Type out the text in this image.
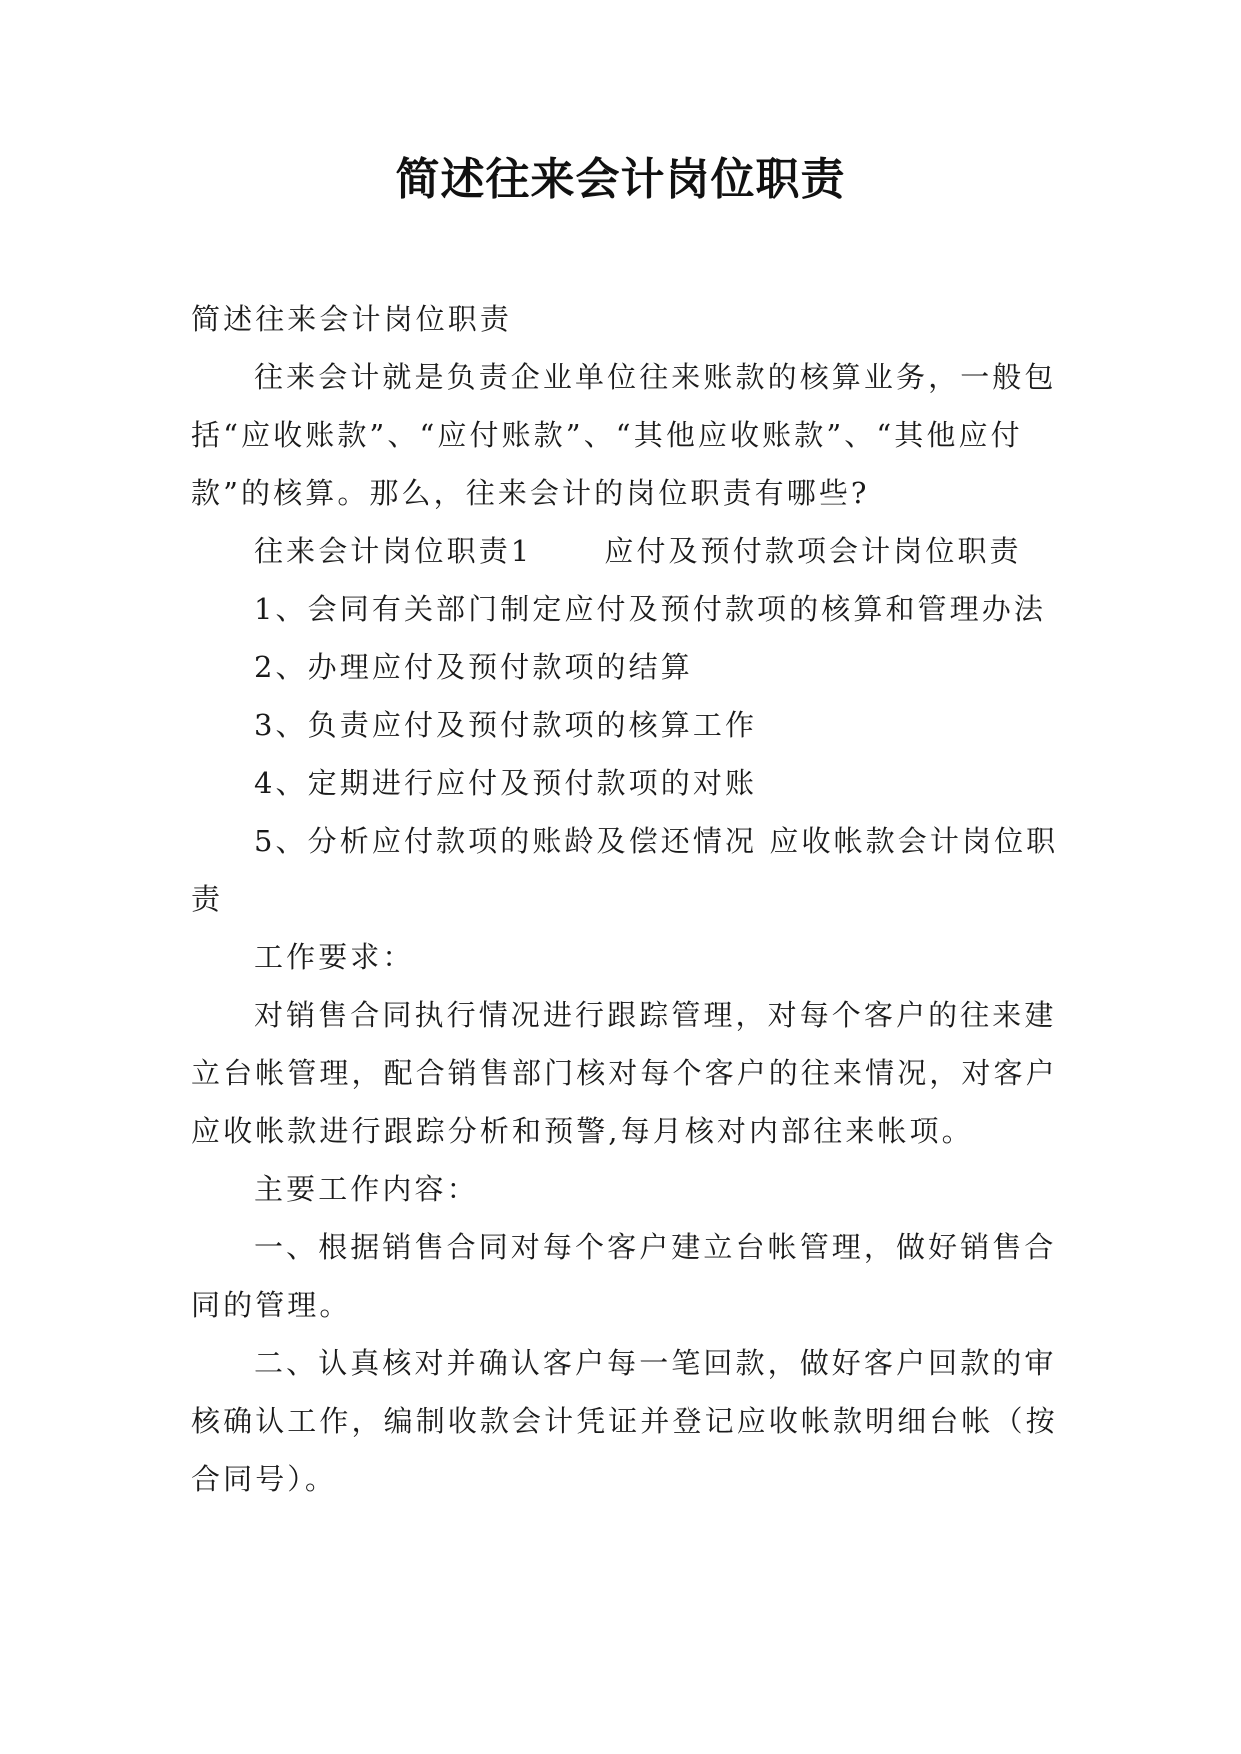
简述往来会计岗位职责

简述往来会计岗位职责

往来会计就是负责企业单位往来账款的核算业务，一般包括“应收账款”、“应付账款”、“其他应收账款”、“其他应付款”的核算。那么，往来会计的岗位职责有哪些?

往来会计岗位职责1 应付及预付款项会计岗位职责

1、会同有关部门制定应付及预付款项的核算和管理办法

2、办理应付及预付款项的结算

3、负责应付及预付款项的核算工作

4、定期进行应付及预付款项的对账

5、分析应付款项的账龄及偿还情况 应收帐款会计岗位职责

工作要求：

对销售合同执行情况进行跟踪管理，对每个客户的往来建立台帐管理，配合销售部门核对每个客户的往来情况，对客户应收帐款进行跟踪分析和预警,每月核对内部往来帐项。

主要工作内容：

一、根据销售合同对每个客户建立台帐管理，做好销售合同的管理。

二、认真核对并确认客户每一笔回款，做好客户回款的审核确认工作，编制收款会计凭证并登记应收帐款明细台帐（按合同号）。
